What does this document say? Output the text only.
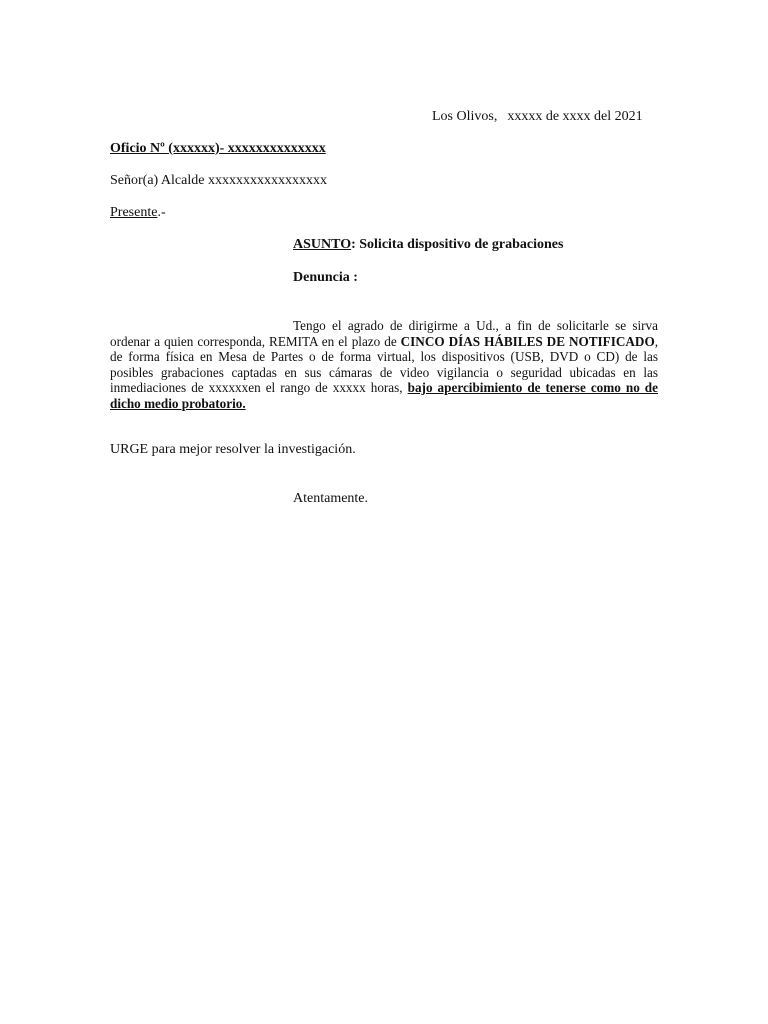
Los Olivos, xxxxx de xxxx del 2021
Oficio Nº (xxxxxx)- xxxxxxxxxxxxxx
Señor(a) Alcalde xxxxxxxxxxxxxxxxx
Presente.-
ASUNTO: Solicita dispositivo de grabaciones
Denuncia :
Tengo el agrado de dirigirme a Ud., a fin de solicitarle se sirva ordenar a quien corresponda, REMITA en el plazo de CINCO DÍAS HÁBILES DE NOTIFICADO, de forma física en Mesa de Partes o de forma virtual, los dispositivos (USB, DVD o CD) de las posibles grabaciones captadas en sus cámaras de video vigilancia o seguridad ubicadas en las inmediaciones de xxxxxxen el rango de xxxxx horas, bajo apercibimiento de tenerse como no de dicho medio probatorio.
URGE para mejor resolver la investigación.
Atentamente.
